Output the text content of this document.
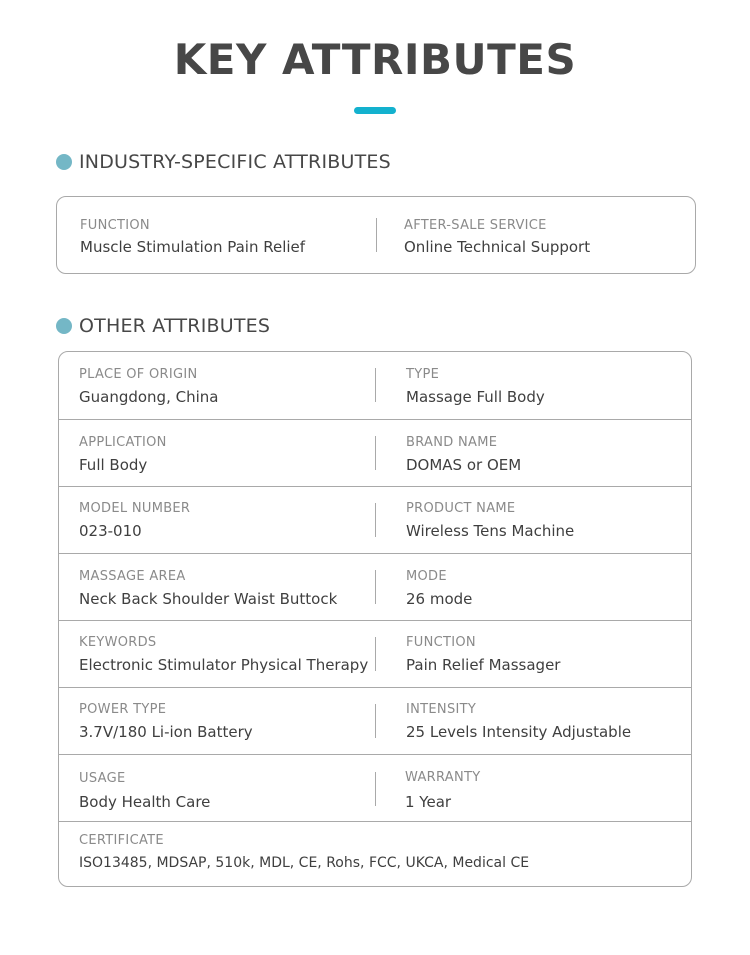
KEY ATTRIBUTES
INDUSTRY-SPECIFIC ATTRIBUTES
FUNCTION
Muscle Stimulation Pain Relief
AFTER-SALE SERVICE
Online Technical Support
OTHER ATTRIBUTES
PLACE OF ORIGIN
Guangdong, China
TYPE
Massage Full Body
APPLICATION
Full Body
BRAND NAME
DOMAS or OEM
MODEL NUMBER
023-010
PRODUCT NAME
Wireless Tens Machine
MASSAGE AREA
Neck Back Shoulder Waist Buttock
MODE
26 mode
KEYWORDS
Electronic Stimulator Physical Therapy
FUNCTION
Pain Relief Massager
POWER TYPE
3.7V/180 Li-ion Battery
INTENSITY
25 Levels Intensity Adjustable
USAGE
Body Health Care
WARRANTY
1 Year
CERTIFICATE
ISO13485, MDSAP, 510k, MDL, CE, Rohs, FCC, UKCA, Medical CE
